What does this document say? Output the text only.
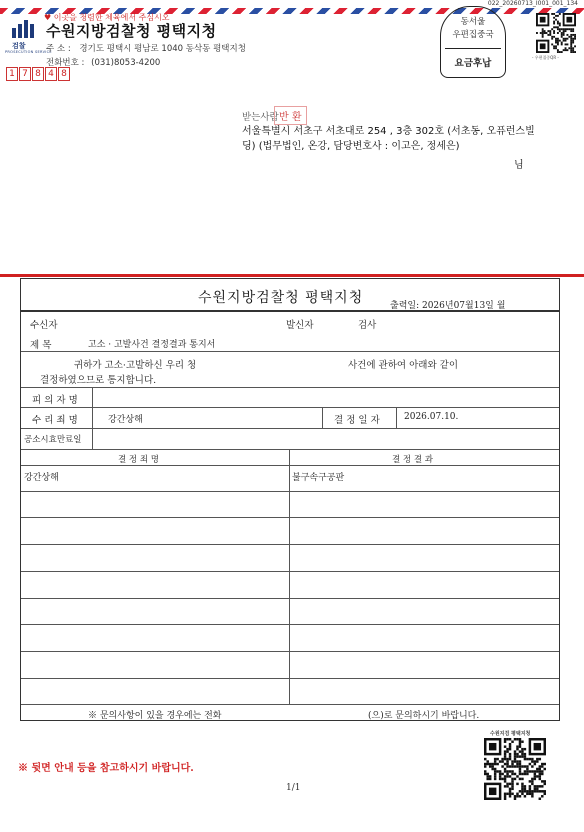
022_20260713_I001_001_134
검찰
PROSECUTION SERVICE
♥ 이곳을 청렴한 체육에서 주심시오
수원지방검찰청 평택지청
주 소 : 경기도 평택시 평남로 1040 동삭동 평택지청
전화번호 : (031)8053-4200
1 7 8 4 8
동서울
우편집중국
요금후납
- 우편집중QR -
받는사람 반 환
서울특별시 서초구 서초대로 254 , 3층 302호 (서초동, 오퓨런스빌딩) (법무법인, 온강, 담당변호사 : 이고은, 정세은)
님
수원지방검찰청 평택지청	출력일: 2026년07월13일 월
수신자	발신자	검사
제 목	고소 · 고발사건 결정결과 통지서
귀하가 고소·고발하신 우리 청	사건에 관하여 아래와 같이
결정하였으므로 통지합니다.
피 의 자 명
수 리 죄 명	강간상해	결 정 일 자	2026.07.10.
공소시효만료일
결 정 죄 명	결 정 결 과
강간상해	불구속구공판
※ 문의사항이 있을 경우에는 전화	(으)로 문의하시기 바랍니다.
※ 뒷면 안내 등을 참고하시기 바랍니다.
1/1
수원지검 평택지청
